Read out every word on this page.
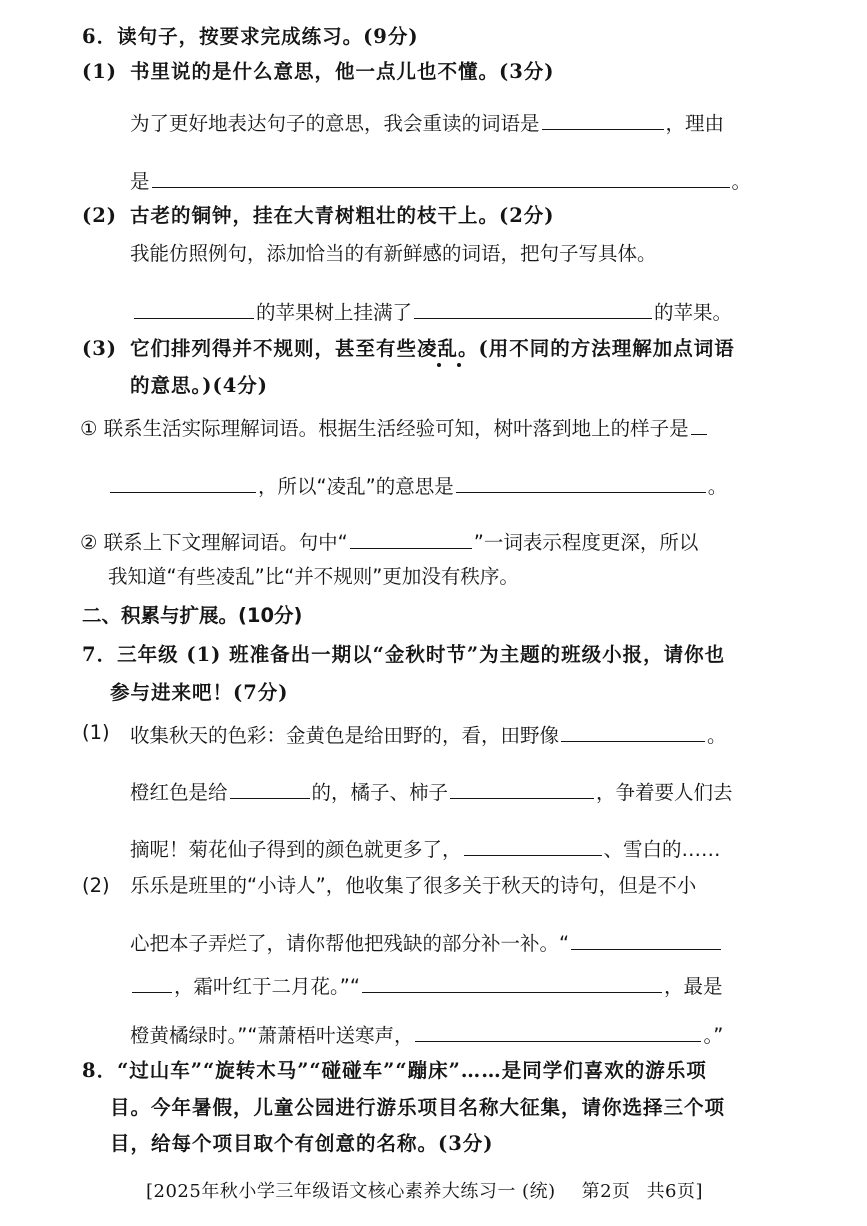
6．读句子，按要求完成练习。(9分)
(1) 书里说的是什么意思，他一点儿也不懂。(3分)
为了更好地表达句子的意思，我会重读的词语是	，理由
是	。
(2) 古老的铜钟，挂在大青树粗壮的枝干上。(2分)
我能仿照例句，添加恰当的有新鲜感的词语，把句子写具体。
的苹果树上挂满了	的苹果。
(3) 它们排列得并不规则，甚至有些凌乱。(用不同的方法理解加点词语
的意思。)(4分)
① 联系生活实际理解词语。根据生活经验可知，树叶落到地上的样子是
，所以“凌乱”的意思是	。
② 联系上下文理解词语。句中“	”一词表示程度更深，所以
我知道“有些凌乱”比“并不规则”更加没有秩序。
二、积累与扩展。(10分)
7．三年级 (1) 班准备出一期以“金秋时节”为主题的班级小报，请你也
参与进来吧！(7分)
(1) 收集秋天的色彩：金黄色是给田野的，看，田野像	。
橙红色是给	的，橘子、柿子	，争着要人们去
摘呢！菊花仙子得到的颜色就更多了，	、雪白的……
(2) 乐乐是班里的“小诗人”，他收集了很多关于秋天的诗句，但是不小
心把本子弄烂了，请你帮他把残缺的部分补一补。“
，霜叶红于二月花。”“	，最是
橙黄橘绿时。”“萧萧梧叶送寒声，	。”
8．“过山车”“旋转木马”“碰碰车”“蹦床”……是同学们喜欢的游乐项
目。今年暑假，儿童公园进行游乐项目名称大征集，请你选择三个项
目，给每个项目取个有创意的名称。(3分)
[2025年秋小学三年级语文核心素养大练习一 (统) 第2页 共6页]
